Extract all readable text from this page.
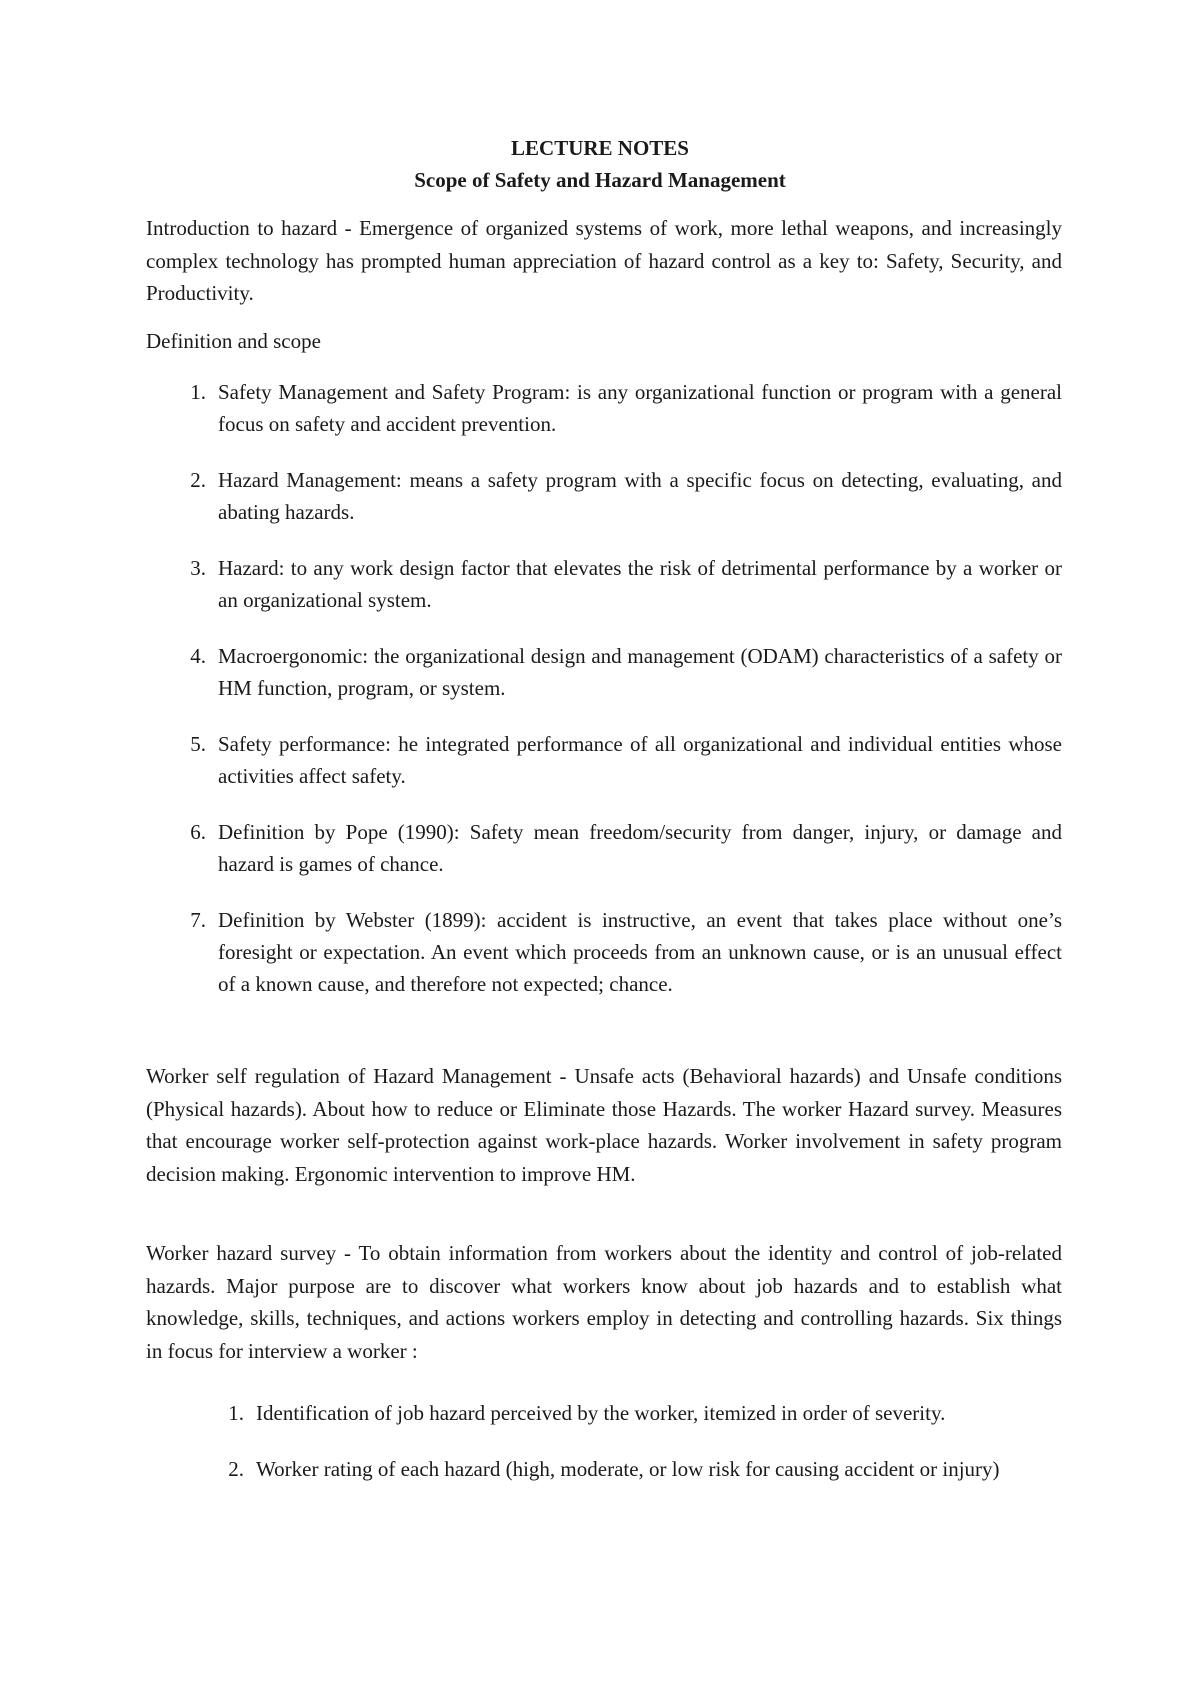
LECTURE NOTES

Scope of Safety and Hazard Management

Introduction to hazard - Emergence of organized systems of work, more lethal weapons, and increasingly complex technology has prompted human appreciation of hazard control as a key to: Safety, Security, and Productivity.

Definition and scope

1. Safety Management and Safety Program: is any organizational function or program with a general focus on safety and accident prevention.
2. Hazard Management: means a safety program with a specific focus on detecting, evaluating, and abating hazards.
3. Hazard: to any work design factor that elevates the risk of detrimental performance by a worker or an organizational system.
4. Macroergonomic: the organizational design and management (ODAM) characteristics of a safety or HM function, program, or system.
5. Safety performance: he integrated performance of all organizational and individual entities whose activities affect safety.
6. Definition by Pope (1990): Safety mean freedom/security from danger, injury, or damage and hazard is games of chance.
7. Definition by Webster (1899): accident is instructive, an event that takes place without one’s foresight or expectation. An event which proceeds from an unknown cause, or is an unusual effect of a known cause, and therefore not expected; chance.

Worker self regulation of Hazard Management - Unsafe acts (Behavioral hazards) and Unsafe conditions (Physical hazards). About how to reduce or Eliminate those Hazards. The worker Hazard survey. Measures that encourage worker self-protection against work-place hazards. Worker involvement in safety program decision making. Ergonomic intervention to improve HM.

Worker hazard survey - To obtain information from workers about the identity and control of job-related hazards. Major purpose are to discover what workers know about job hazards and to establish what knowledge, skills, techniques, and actions workers employ in detecting and controlling hazards. Six things in focus for interview a worker :

1. Identification of job hazard perceived by the worker, itemized in order of severity.
2. Worker rating of each hazard (high, moderate, or low risk for causing accident or injury)
